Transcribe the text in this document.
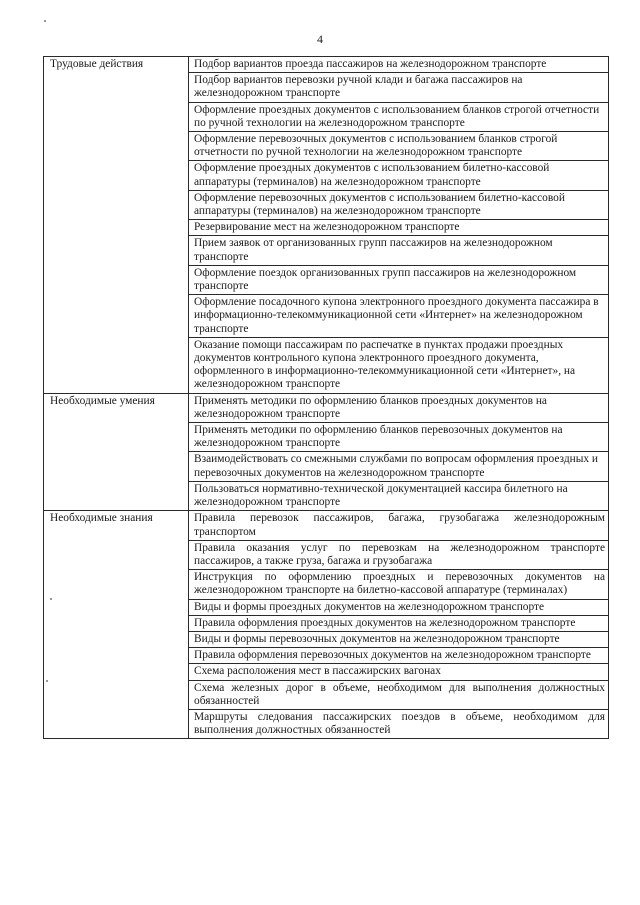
4
Трудовые действия	Подбор вариантов проезда пассажиров на железнодорожном транспорте
	Подбор вариантов перевозки ручной клади и багажа пассажиров на железнодорожном транспорте
	Оформление проездных документов с использованием бланков строгой отчетности по ручной технологии на железнодорожном транспорте
	Оформление перевозочных документов с использованием бланков строгой отчетности по ручной технологии на железнодорожном транспорте
	Оформление проездных документов с использованием билетно-кассовой аппаратуры (терминалов) на железнодорожном транспорте
	Оформление перевозочных документов с использованием билетно-кассовой аппаратуры (терминалов) на железнодорожном транспорте
	Резервирование мест на железнодорожном транспорте
	Прием заявок от организованных групп пассажиров на железнодорожном транспорте
	Оформление поездок организованных групп пассажиров на железнодорожном транспорте
	Оформление посадочного купона электронного проездного документа пассажира в информационно-телекоммуникационной сети «Интернет» на железнодорожном транспорте
	Оказание помощи пассажирам по распечатке в пунктах продажи проездных документов контрольного купона электронного проездного документа, оформленного в информационно-телекоммуникационной сети «Интернет», на железнодорожном транспорте
Необходимые умения	Применять методики по оформлению бланков проездных документов на железнодорожном транспорте
	Применять методики по оформлению бланков перевозочных документов на железнодорожном транспорте
	Взаимодействовать со смежными службами по вопросам оформления проездных и перевозочных документов на железнодорожном транспорте
	Пользоваться нормативно-технической документацией кассира билетного на железнодорожном транспорте
Необходимые знания	Правила перевозок пассажиров, багажа, грузобагажа железнодорожным транспортом
	Правила оказания услуг по перевозкам на железнодорожном транспорте пассажиров, а также груза, багажа и грузобагажа
	Инструкция по оформлению проездных и перевозочных документов на железнодорожном транспорте на билетно-кассовой аппаратуре (терминалах)
	Виды и формы проездных документов на железнодорожном транспорте
	Правила оформления проездных документов на железнодорожном транспорте
	Виды и формы перевозочных документов на железнодорожном транспорте
	Правила оформления перевозочных документов на железнодорожном транспорте
	Схема расположения мест в пассажирских вагонах
	Схема железных дорог в объеме, необходимом для выполнения должностных обязанностей
	Маршруты следования пассажирских поездов в объеме, необходимом для выполнения должностных обязанностей
